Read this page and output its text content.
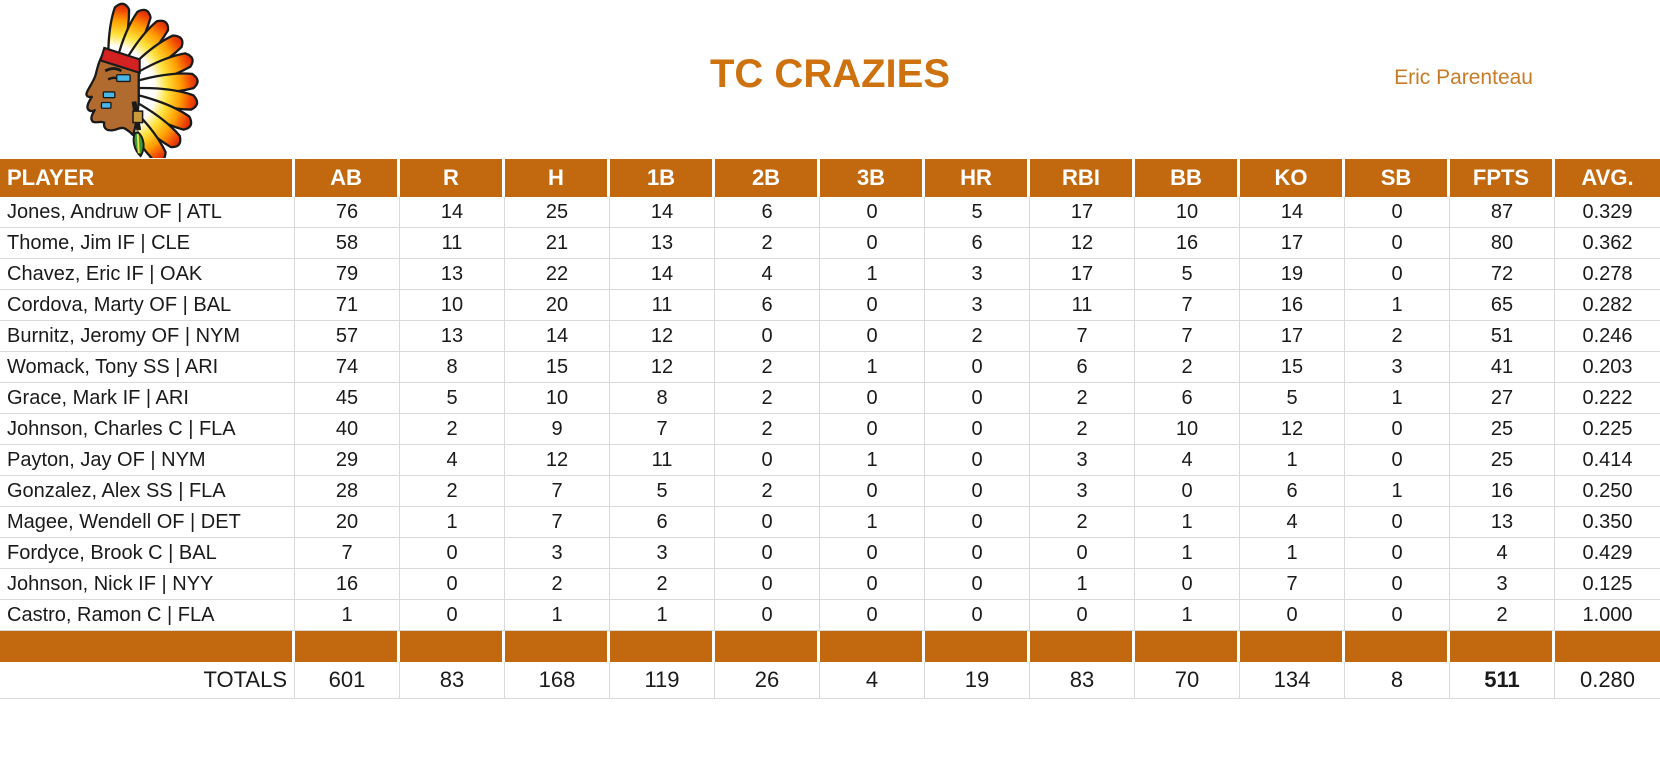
TC CRAZIES	Eric Parenteau
PLAYER	AB	R	H	1B	2B	3B	HR	RBI	BB	KO	SB	FPTS	AVG.
Jones, Andruw OF | ATL	76	14	25	14	6	0	5	17	10	14	0	87	0.329
Thome, Jim IF | CLE	58	11	21	13	2	0	6	12	16	17	0	80	0.362
Chavez, Eric IF | OAK	79	13	22	14	4	1	3	17	5	19	0	72	0.278
Cordova, Marty OF | BAL	71	10	20	11	6	0	3	11	7	16	1	65	0.282
Burnitz, Jeromy OF | NYM	57	13	14	12	0	0	2	7	7	17	2	51	0.246
Womack, Tony SS | ARI	74	8	15	12	2	1	0	6	2	15	3	41	0.203
Grace, Mark IF | ARI	45	5	10	8	2	0	0	2	6	5	1	27	0.222
Johnson, Charles C | FLA	40	2	9	7	2	0	0	2	10	12	0	25	0.225
Payton, Jay OF | NYM	29	4	12	11	0	1	0	3	4	1	0	25	0.414
Gonzalez, Alex SS | FLA	28	2	7	5	2	0	0	3	0	6	1	16	0.250
Magee, Wendell OF | DET	20	1	7	6	0	1	0	2	1	4	0	13	0.350
Fordyce, Brook C | BAL	7	0	3	3	0	0	0	0	1	1	0	4	0.429
Johnson, Nick IF | NYY	16	0	2	2	0	0	0	1	0	7	0	3	0.125
Castro, Ramon C | FLA	1	0	1	1	0	0	0	0	1	0	0	2	1.000
TOTALS	601	83	168	119	26	4	19	83	70	134	8	511	0.280
